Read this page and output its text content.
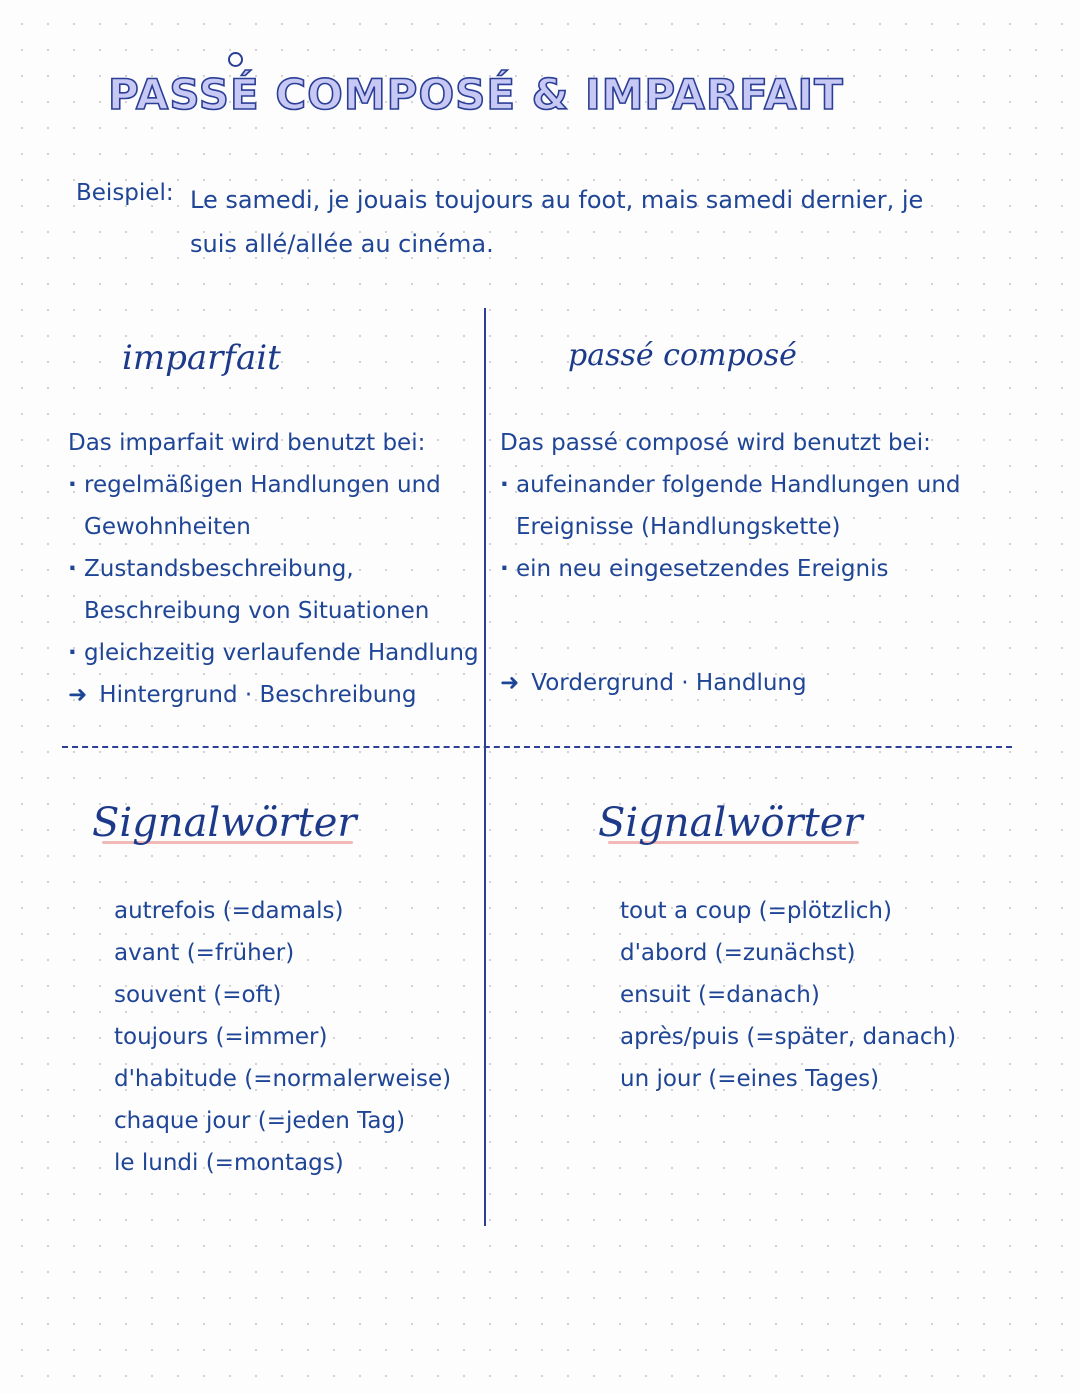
PASSÉ COMPOSÉ & IMPARFAIT
Beispiel: Le samedi, je jouais toujours au foot, mais samedi dernier, je suis allé/allée au cinéma.
imparfait	passé composé

Das imparfait wird benutzt bei:

· regelmäßigen Handlungen und Gewohnheiten
· Zustandsbeschreibung, Beschreibung von Situationen
· gleichzeitig verlaufende Handlung
➜ Hintergrund · Beschreibung

Das passé composé wird benutzt bei:

· aufeinander folgende Handlungen und Ereignisse (Handlungskette)
· ein neu eingesetzendes Ereignis
➜ Vordergrund · Handlung
Signalwörter	Signalwörter
autrefois (=damals)
avant (=früher)
souvent (=oft)
toujours (=immer)
d'habitude (=normalerweise)
chaque jour (=jeden Tag)
le lundi (=montags)
tout a coup (=plötzlich)
d'abord (=zunächst)
ensuit (=danach)
après/puis (=später, danach)
un jour (=eines Tages)
